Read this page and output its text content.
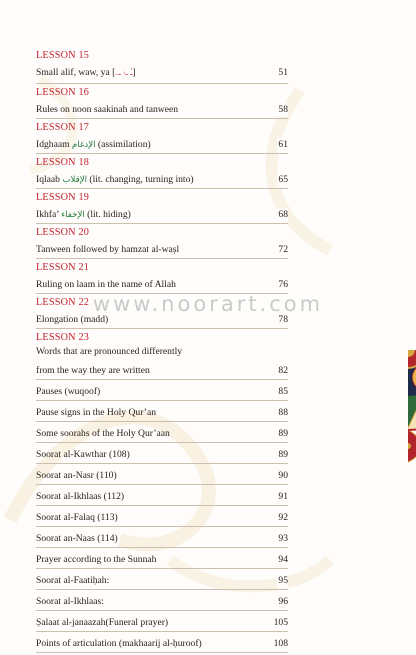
LESSON 15
Small alif, waw, ya [ـٰ ـۥ ـۦ]	51
LESSON 16
Rules on noon saakinah and tanween	58
LESSON 17
Idghaam الإدغام (assimilation)	61
LESSON 18
Iqlaab الإقلاب (lit. changing, turning into)	65
LESSON 19
Ikhfa’ الإخفاء (lit. hiding)	68
LESSON 20
Tanween followed by hamzat al-waṣl	72
LESSON 21
Ruling on laam in the name of Allah	76
LESSON 22
Elongation (madd)	78
LESSON 23
Words that are pronounced differently
from the way they are written	82
Pauses (wuqoof)	85
Pause signs in the Holy Qur’an	88
Some soorahs of the Holy Qur’aan	89
Soorat al-Kawthar (108)	89
Soorat an-Nasr (110)	90
Soorat al-Ikhlaas (112)	91
Soorat al-Falaq (113)	92
Soorat an-Naas (114)	93
Prayer according to the Sunnah	94
Soorat al-Faatiḥah:	95
Soorat al-Ikhlaas:	96
Ṣalaat al-janaazah(Funeral prayer)	105
Points of articulation (makhaarij al-ḥuroof)	108
www.noorart.com
